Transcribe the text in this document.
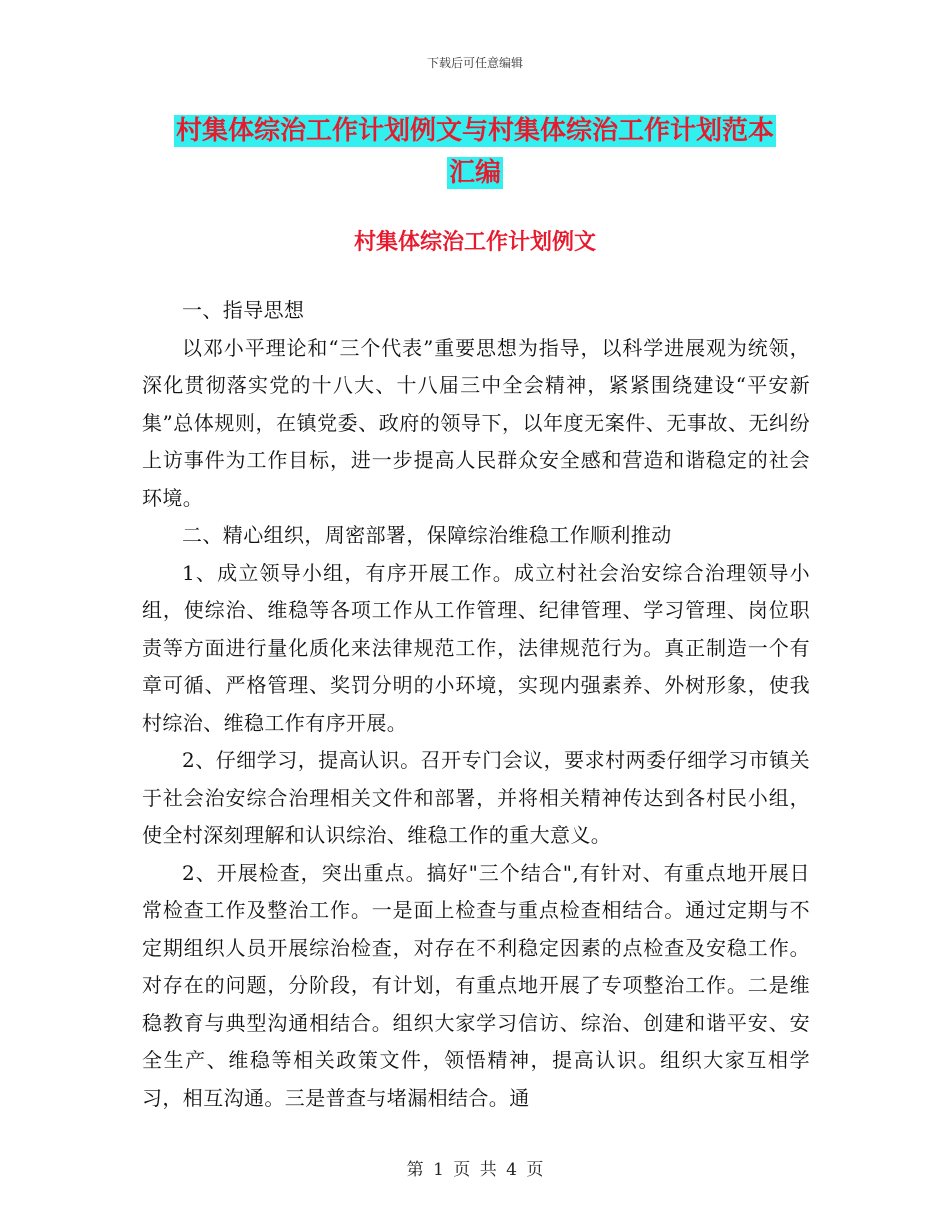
下载后可任意编辑
村集体综治工作计划例文与村集体综治工作计划范本
汇编
村集体综治工作计划例文

一、指导思想

以邓小平理论和“三个代表”重要思想为指导，以科学进展观为统领，深化贯彻落实党的十八大、十八届三中全会精神，紧紧围绕建设“平安新集”总体规则，在镇党委、政府的领导下，以年度无案件、无事故、无纠纷上访事件为工作目标，进一步提高人民群众安全感和营造和谐稳定的社会环境。

二、精心组织，周密部署，保障综治维稳工作顺利推动

1、成立领导小组，有序开展工作。成立村社会治安综合治理领导小组，使综治、维稳等各项工作从工作管理、纪律管理、学习管理、岗位职责等方面进行量化质化来法律规范工作，法律规范行为。真正制造一个有章可循、严格管理、奖罚分明的小环境，实现内强素养、外树形象，使我村综治、维稳工作有序开展。

2、仔细学习，提高认识。召开专门会议，要求村两委仔细学习市镇关于社会治安综合治理相关文件和部署，并将相关精神传达到各村民小组，使全村深刻理解和认识综治、维稳工作的重大意义。

2、开展检查，突出重点。搞好"三个结合",有针对、有重点地开展日常检查工作及整治工作。一是面上检查与重点检查相结合。通过定期与不定期组织人员开展综治检查，对存在不利稳定因素的点检查及安稳工作。对存在的问题，分阶段，有计划，有重点地开展了专项整治工作。二是维稳教育与典型沟通相结合。组织大家学习信访、综治、创建和谐平安、安全生产、维稳等相关政策文件，领悟精神，提高认识。组织大家互相学习，相互沟通。三是普查与堵漏相结合。通

第 1 页 共 4 页
